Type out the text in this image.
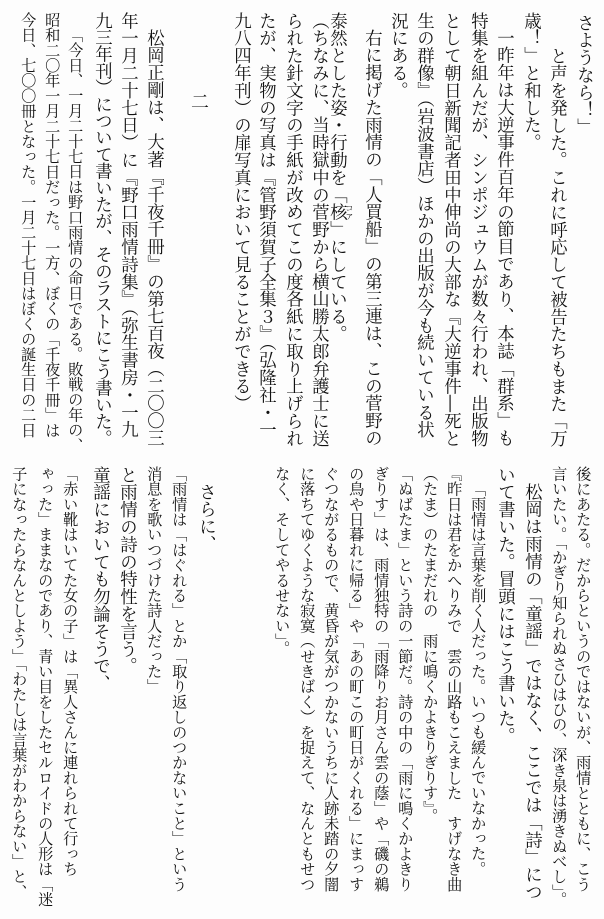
さようなら！」

と声を発した。これに呼応して被告たちもまた「万

歳！」と和した。

一昨年は大逆事件百年の節目であり、本誌「群系」も

特集を組んだが、シンポジュウムが数々行われ、出版物

として朝日新聞記者田中伸尚の大部な『大逆事件―死と

生の群像』（岩波書店）ほかの出版が今も続いている状

況にある。

右に掲げた雨情の「人買船」の第三連は、この菅野の

泰然とした姿・行動を「核コア」にしている。

（ちなみに、当時獄中の菅野から横山勝太郎弁護士に送

られた針文字の手紙が改めてこの度各紙に取り上げられ

たが、実物の写真は『管野須賀子全集３』（弘隆社・一

九八四年刊）の扉写真において見ることができる）

二

松岡正剛は、大著『千夜千冊』の第七百夜（二〇〇三

年一月二十七日）に『野口雨情詩集』（弥生書房・一九

九三年刊）について書いたが、そのラストにこう書いた。

「今日、一月二十七日は野口雨情の命日である。敗戦の年の、

昭和二〇年一月二十七日だった。一方、ぼくの「千夜千冊」は

今日、七〇〇冊となった。一月二十七日はぼくの誕生日の二日

後にあたる。だからというのではないが、雨情とともに、こう

言いたい。「かぎり知られぬさひはひの、深き泉は湧きぬべし」。

松岡は雨情の「童謡」ではなく、ここでは「詩」につ

いて書いた。冒頭にはこう書いた。

「雨情は言葉を削く人だった。いつも緩んでいなかった。

『昨日は君をかへりみで　雲の山路もこえました　すげなき曲

（たま）のたまだれの　雨に鳴くかよきりぎりす』。

「ぬばたま」という詩の一節だ。詩の中の「雨に鳴くかよきり

ぎりす」は、雨情独特の「雨降りお月さん雲の蔭」や「磯の鵜

の鳥や日暮れに帰る」や「あの町この町日がくれる」にまっす

ぐつながるもので、黄昏が気がつかないうちに人跡未踏の夕闇

に落ちてゆくような寂寞（せきばく）を捉えて、なんともせつ

なく、そしてやるせない」。

さらに、

「雨情は「はぐれる」とか「取り返しのつかないこと」という

消息を歌いつづけた詩人だった」

と雨情の詩の特性を言う。

童謡においても勿論そうで、

「赤い靴はいてた女の子」は「異人さんに連れられて行っち

ゃった」ままなのであり、青い目をしたセルロイドの人形は「迷

子になったらなんとしよう」「わたしは言葉がわからない」と、
